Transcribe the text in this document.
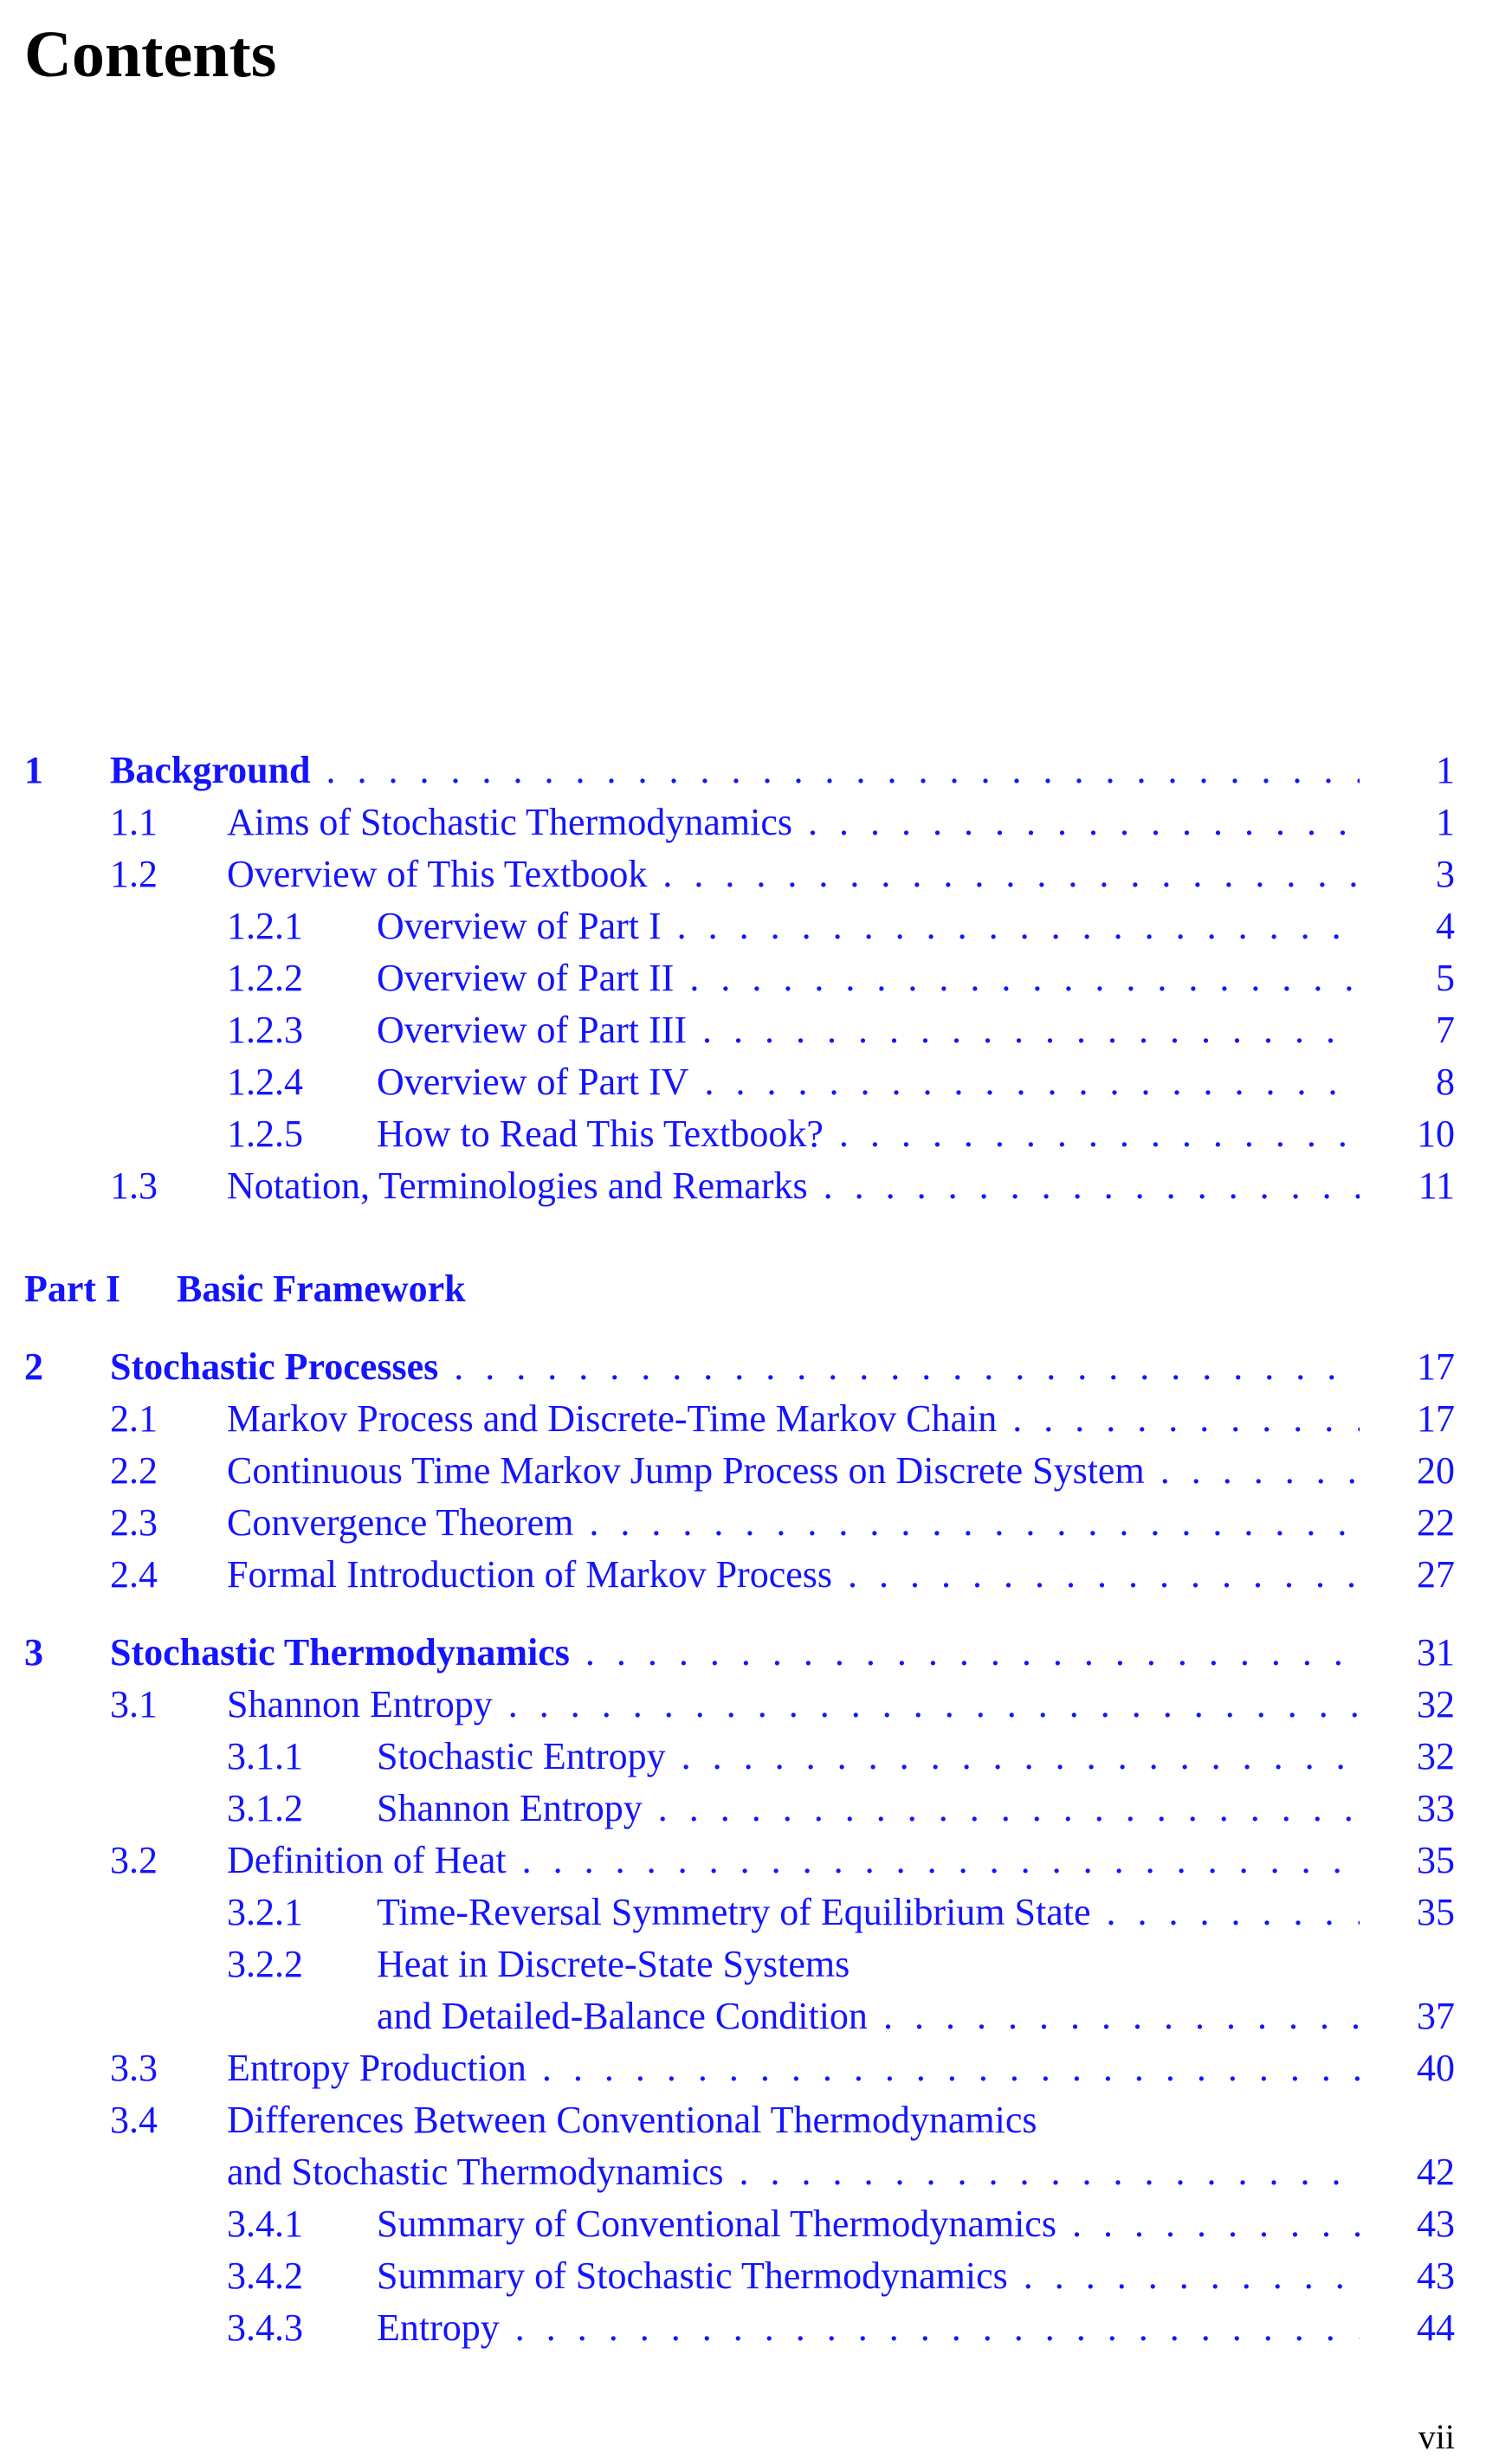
Contents
1 Background . . .	1
1.1 Aims of Stochastic Thermodynamics . . .	1
1.2 Overview of This Textbook . . .	3
1.2.1 Overview of Part I . . .	4
1.2.2 Overview of Part II . . .	5
1.2.3 Overview of Part III . . .	7
1.2.4 Overview of Part IV . . .	8
1.2.5 How to Read This Textbook? . . .	10
1.3 Notation, Terminologies and Remarks . . .	11
Part I Basic Framework
2 Stochastic Processes . . .	17
2.1 Markov Process and Discrete-Time Markov Chain . . .	17
2.2 Continuous Time Markov Jump Process on Discrete System . . .	20
2.3 Convergence Theorem . . .	22
2.4 Formal Introduction of Markov Process . . .	27
3 Stochastic Thermodynamics . . .	31
3.1 Shannon Entropy . . .	32
3.1.1 Stochastic Entropy . . .	32
3.1.2 Shannon Entropy . . .	33
3.2 Definition of Heat . . .	35
3.2.1 Time-Reversal Symmetry of Equilibrium State . . .	35
3.2.2 Heat in Discrete-State Systems
and Detailed-Balance Condition . . .	37
3.3 Entropy Production . . .	40
3.4 Differences Between Conventional Thermodynamics
and Stochastic Thermodynamics . . .	42
3.4.1 Summary of Conventional Thermodynamics . . .	43
3.4.2 Summary of Stochastic Thermodynamics . . .	43
3.4.3 Entropy . . .	44
vii
